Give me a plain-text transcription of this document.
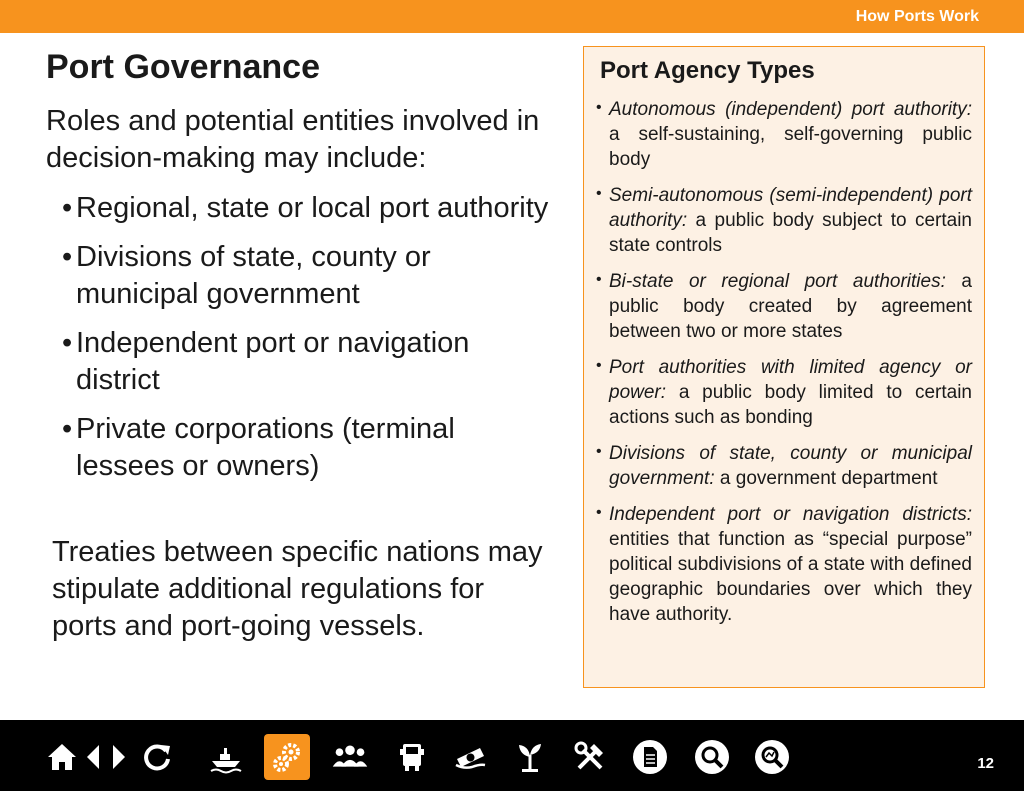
How Ports Work
Port Governance

Roles and potential entities involved in decision-making may include:

• Regional, state or local port authority
• Divisions of state, county or municipal government
• Independent port or navigation district
• Private corporations (terminal lessees or owners)

Treaties between specific nations may stipulate additional regulations for ports and port-going vessels.

Port Agency Types
• Autonomous (independent) port authority: a self-sustaining, self-governing public body
• Semi-autonomous (semi-independent) port authority: a public body subject to certain state controls
• Bi-state or regional port authorities: a public body created by agreement between two or more states
• Port authorities with limited agency or power: a public body limited to certain actions such as bonding
• Divisions of state, county or municipal government: a government department
• Independent port or navigation districts: entities that function as “special purpose” political subdivisions of a state with defined geographic boundaries over which they have authority.
12
